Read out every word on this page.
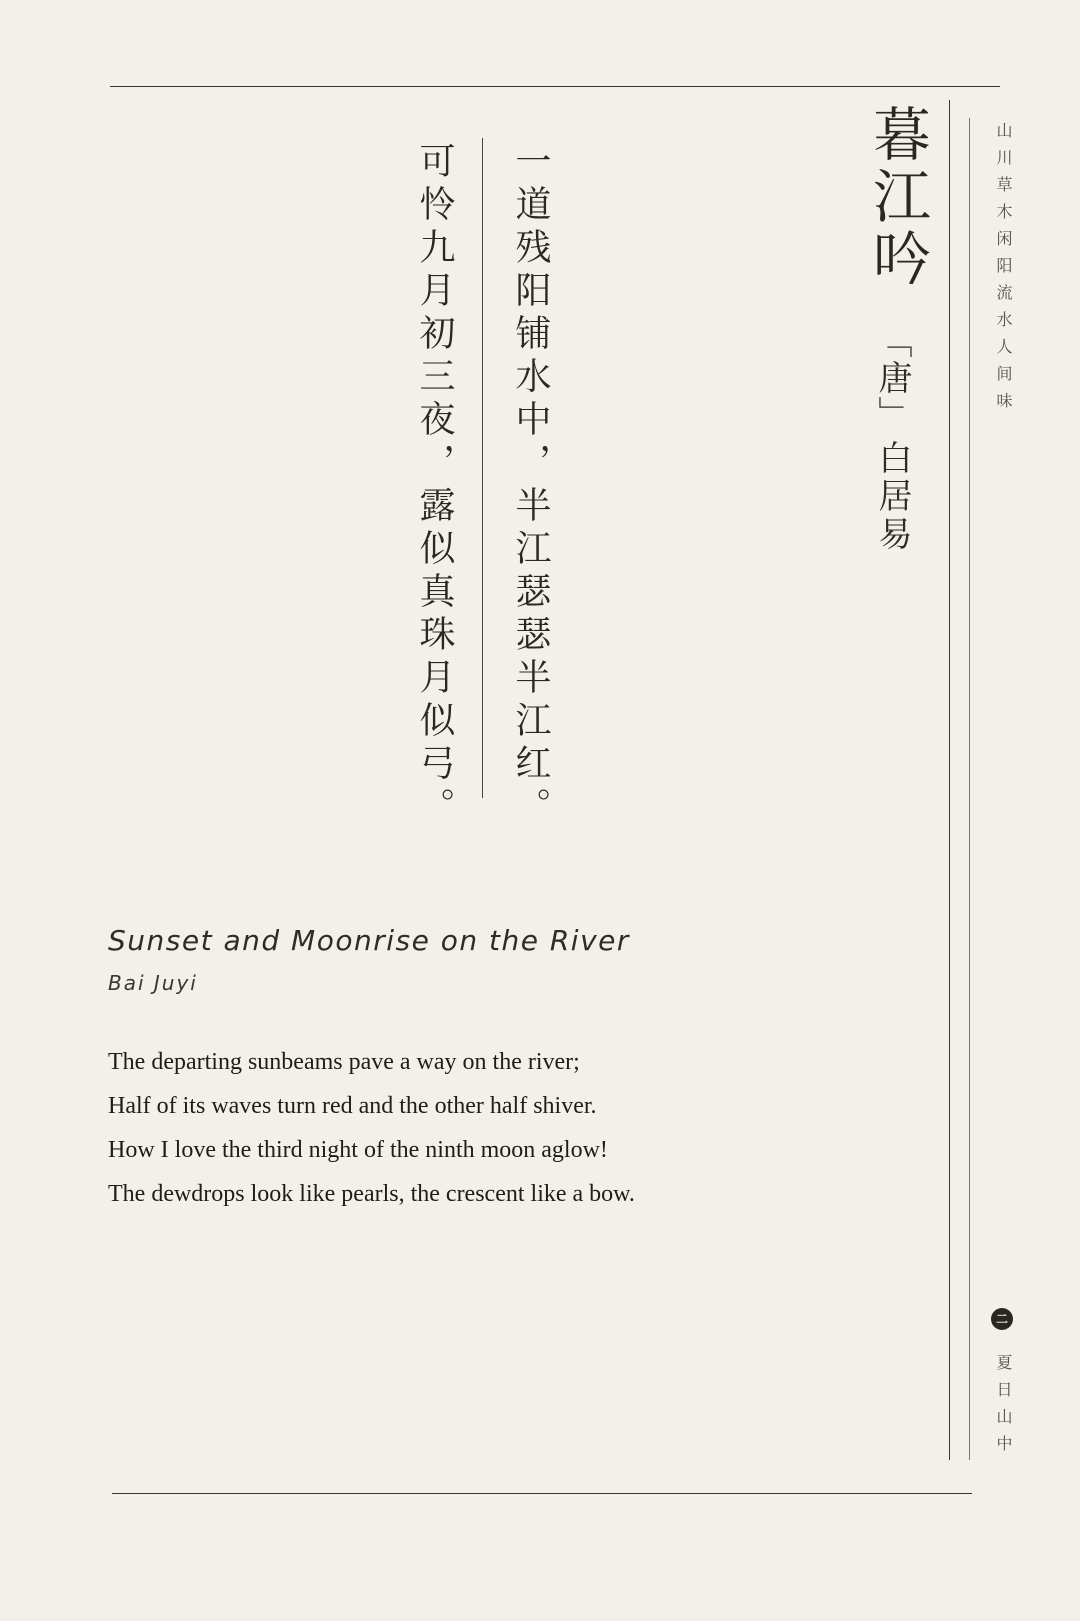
暮江吟
「唐」
白居易
一道残阳铺水中，半江瑟瑟半江红。
可怜九月初三夜，露似真珠月似弓。	山川草木闲阳流水人间味
二
夏日山中
Sunset and Moonrise on the River
Bai Juyi
The departing sunbeams pave a way on the river;
Half of its waves turn red and the other half shiver.
How I love the third night of the ninth moon aglow!
The dewdrops look like pearls, the crescent like a bow.
